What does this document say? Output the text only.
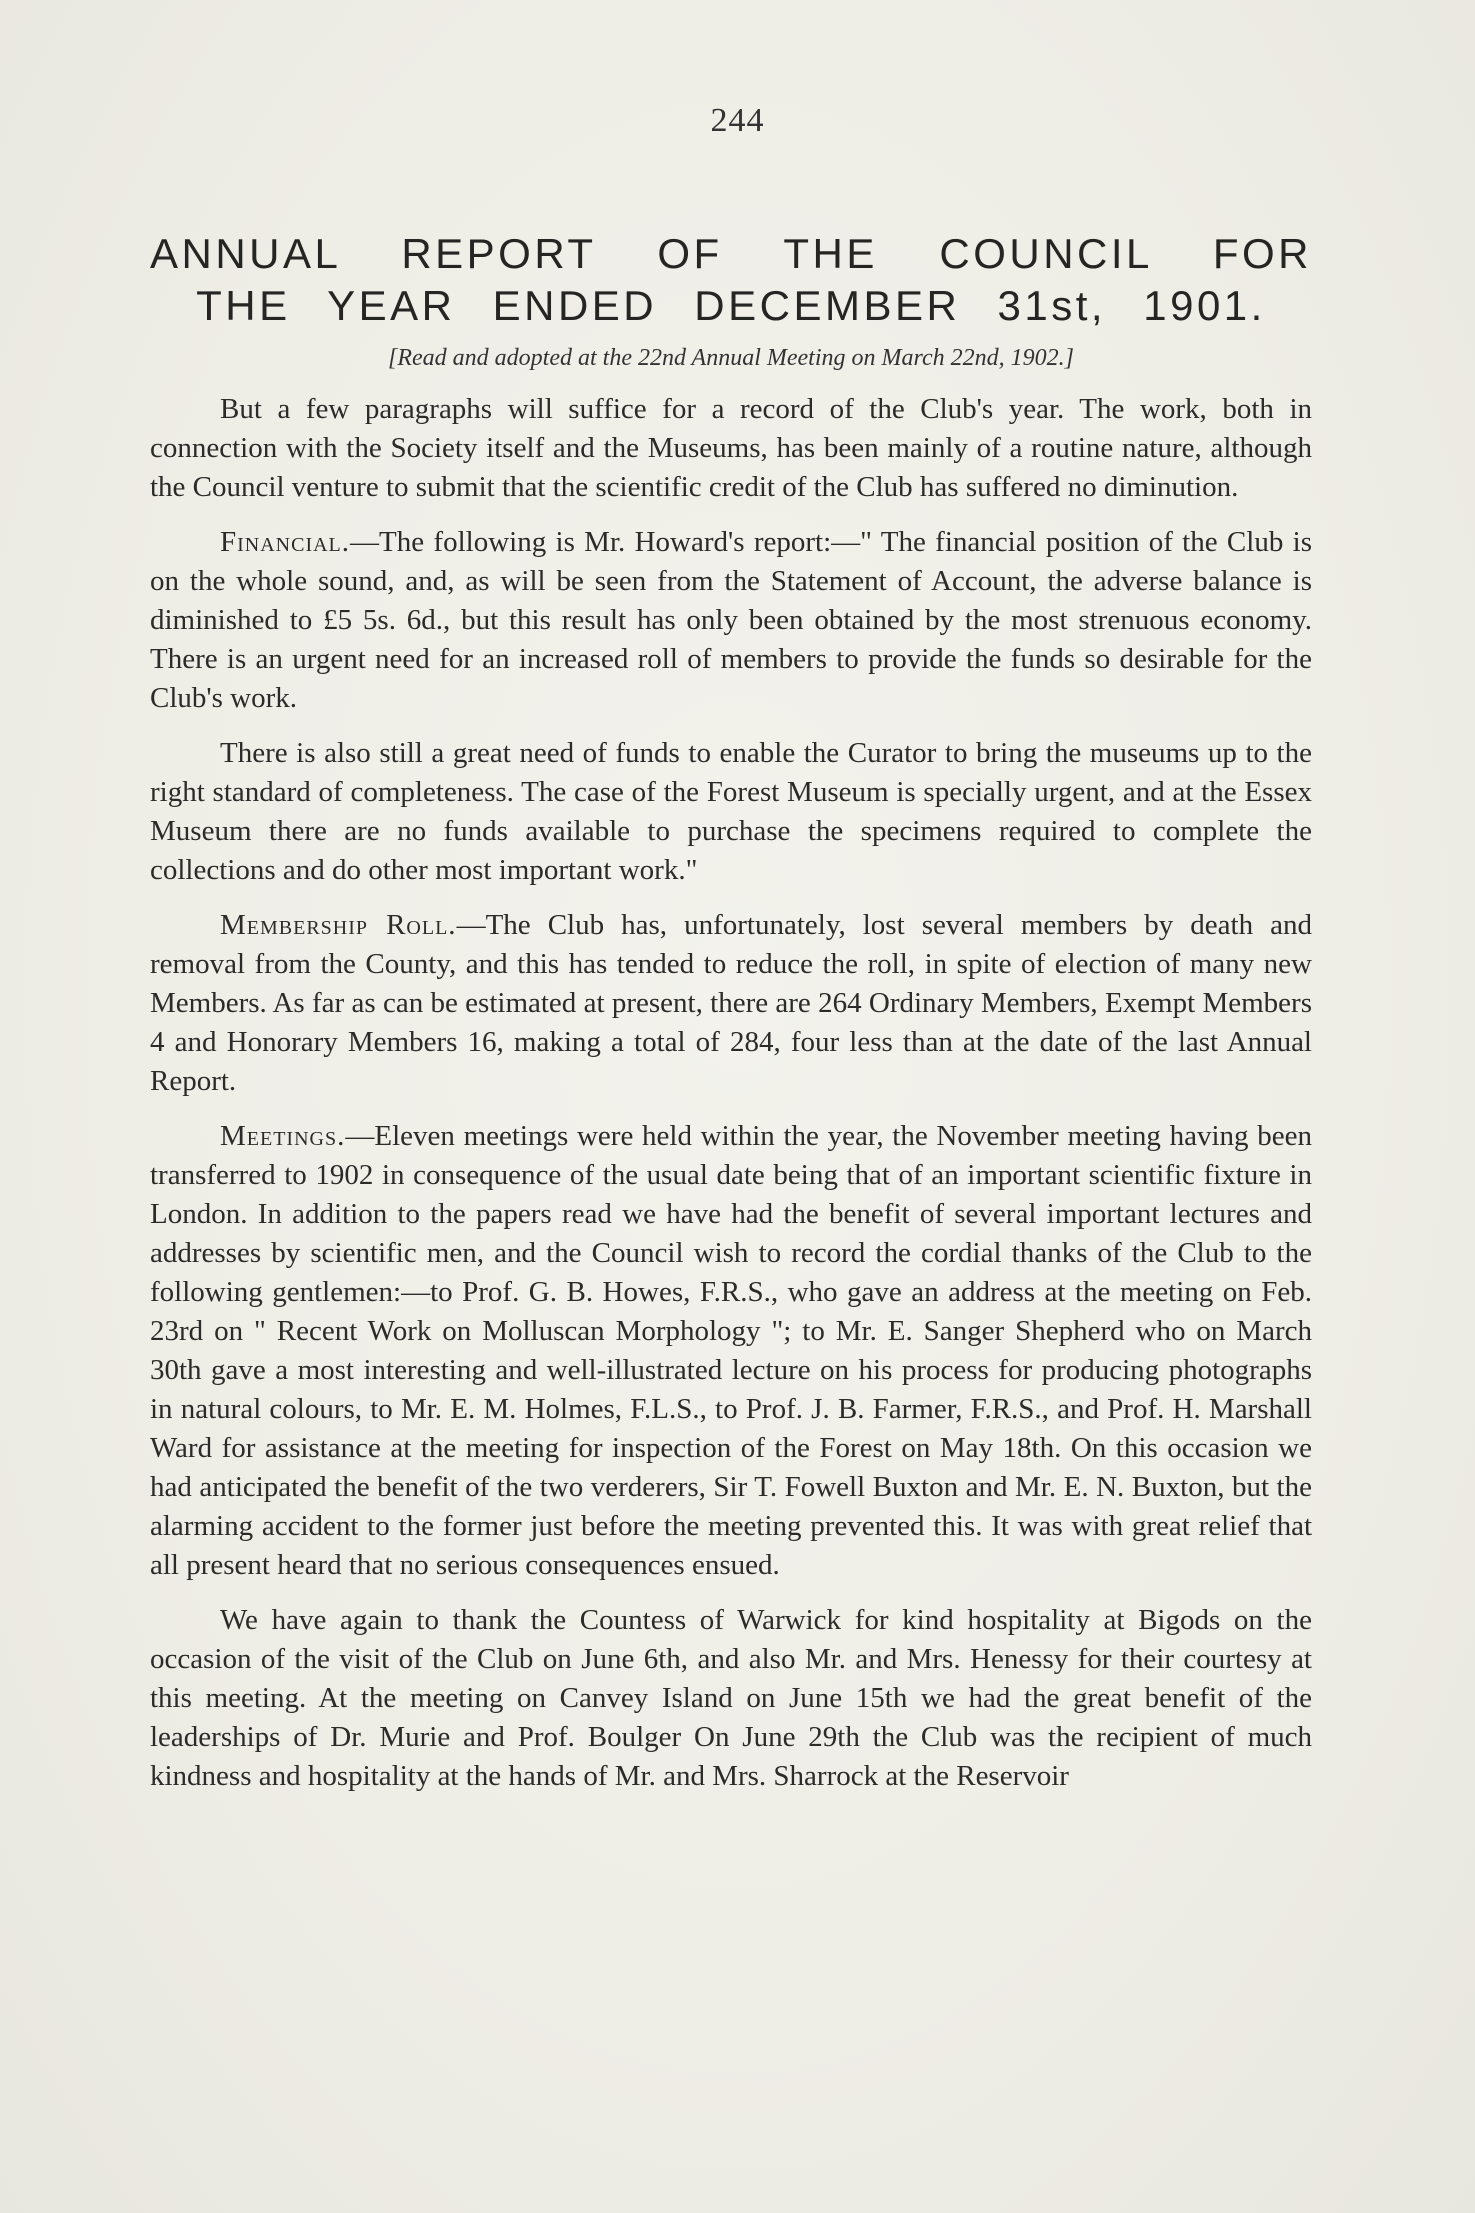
244
ANNUAL REPORT OF THE COUNCIL FOR
THE YEAR ENDED DECEMBER 31st, 1901.
[Read and adopted at the 22nd Annual Meeting on March 22nd, 1902.]

But a few paragraphs will suffice for a record of the Club's year. The work, both in connection with the Society itself and the Museums, has been mainly of a routine nature, although the Council venture to submit that the scientific credit of the Club has suffered no diminution.

Financial.—The following is Mr. Howard's report:—" The financial position of the Club is on the whole sound, and, as will be seen from the Statement of Account, the adverse balance is diminished to £5 5s. 6d., but this result has only been obtained by the most strenuous economy. There is an urgent need for an increased roll of members to provide the funds so desirable for the Club's work.

There is also still a great need of funds to enable the Curator to bring the museums up to the right standard of completeness. The case of the Forest Museum is specially urgent, and at the Essex Museum there are no funds available to purchase the specimens required to complete the collections and do other most important work."

Membership Roll.—The Club has, unfortunately, lost several members by death and removal from the County, and this has tended to reduce the roll, in spite of election of many new Members. As far as can be estimated at present, there are 264 Ordinary Members, Exempt Members 4 and Honorary Members 16, making a total of 284, four less than at the date of the last Annual Report.

Meetings.—Eleven meetings were held within the year, the November meeting having been transferred to 1902 in consequence of the usual date being that of an important scientific fixture in London. In addition to the papers read we have had the benefit of several important lectures and addresses by scientific men, and the Council wish to record the cordial thanks of the Club to the following gentlemen:—to Prof. G. B. Howes, F.R.S., who gave an address at the meeting on Feb. 23rd on " Recent Work on Molluscan Morphology "; to Mr. E. Sanger Shepherd who on March 30th gave a most interesting and well-illustrated lecture on his process for producing photographs in natural colours, to Mr. E. M. Holmes, F.L.S., to Prof. J. B. Farmer, F.R.S., and Prof. H. Marshall Ward for assistance at the meeting for inspection of the Forest on May 18th. On this occasion we had anticipated the benefit of the two verderers, Sir T. Fowell Buxton and Mr. E. N. Buxton, but the alarming accident to the former just before the meeting prevented this. It was with great relief that all present heard that no serious consequences ensued.

We have again to thank the Countess of Warwick for kind hospitality at Bigods on the occasion of the visit of the Club on June 6th, and also Mr. and Mrs. Henessy for their courtesy at this meeting. At the meeting on Canvey Island on June 15th we had the great benefit of the leaderships of Dr. Murie and Prof. Boulger On June 29th the Club was the recipient of much kindness and hospitality at the hands of Mr. and Mrs. Sharrock at the Reservoir
